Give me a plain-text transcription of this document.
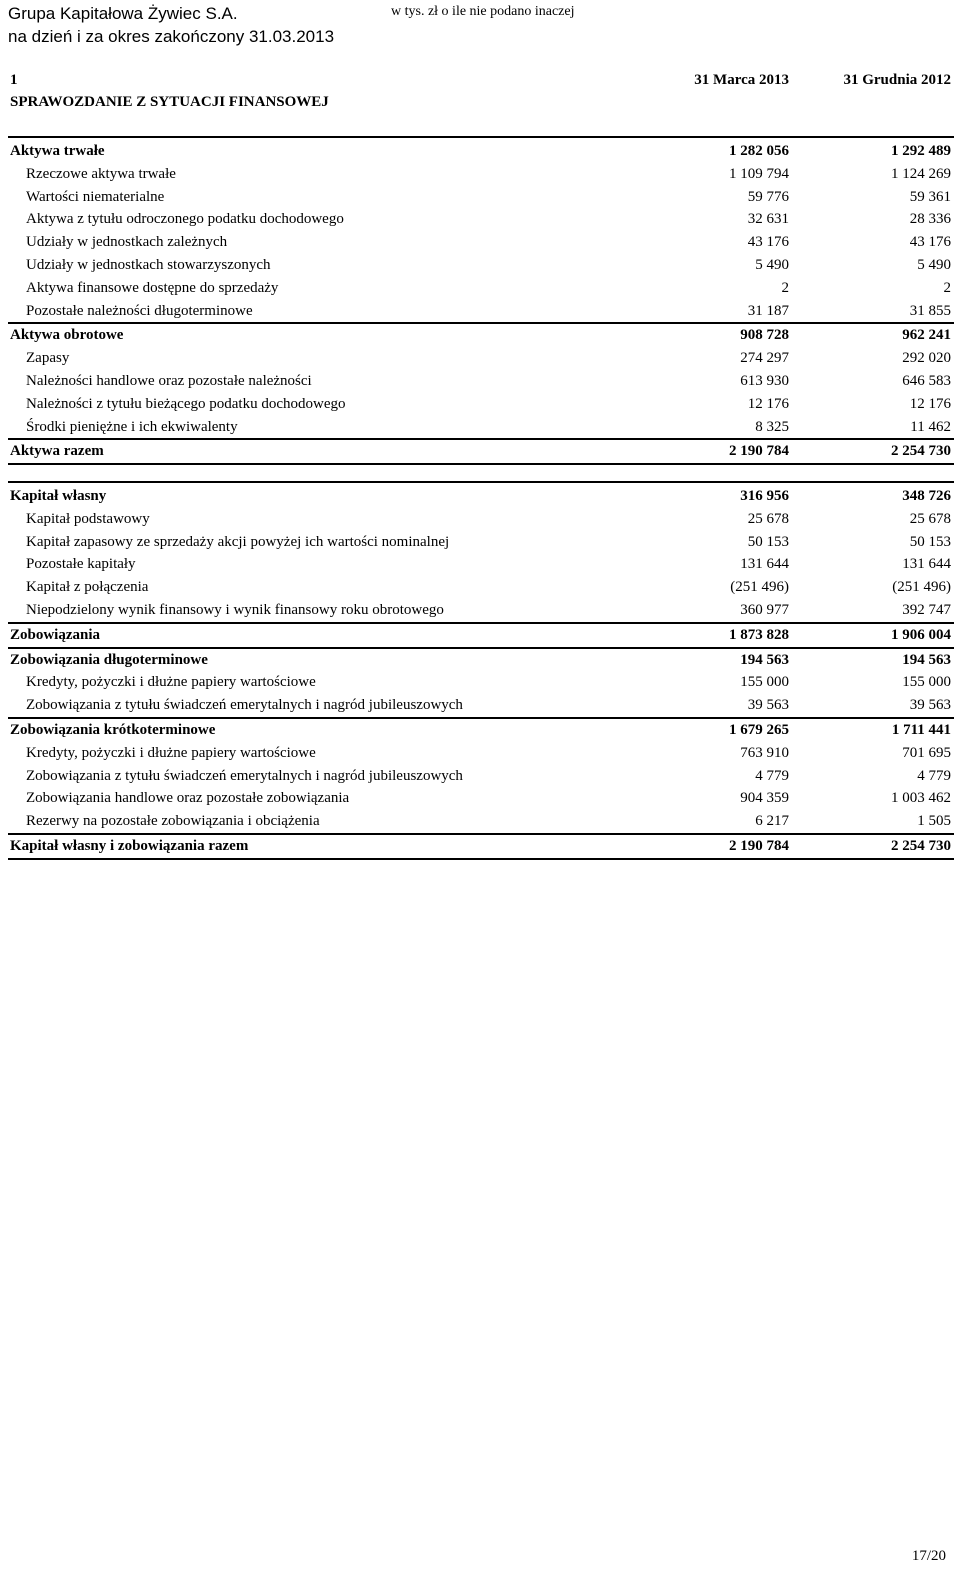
Grupa Kapitałowa Żywiec S.A.
na dzień i za okres zakończony 31.03.2013
w tys. zł o ile nie podano inaczej
1
SPRAWOZDANIE Z SYTUACJI FINANSOWEJ
31 Marca 2013	31 Grudnia 2012
Aktywa trwałe	1 282 056	1 292 489
Rzeczowe aktywa trwałe	1 109 794	1 124 269
Wartości niematerialne	59 776	59 361
Aktywa z tytułu odroczonego podatku dochodowego	32 631	28 336
Udziały w jednostkach zależnych	43 176	43 176
Udziały w jednostkach stowarzyszonych	5 490	5 490
Aktywa finansowe dostępne do sprzedaży	2	2
Pozostałe należności długoterminowe	31 187	31 855
Aktywa obrotowe	908 728	962 241
Zapasy	274 297	292 020
Należności handlowe oraz pozostałe należności	613 930	646 583
Należności z tytułu bieżącego podatku dochodowego	12 176	12 176
Środki pieniężne i ich ekwiwalenty	8 325	11 462
Aktywa razem	2 190 784	2 254 730
Kapitał własny	316 956	348 726
Kapitał podstawowy	25 678	25 678
Kapitał zapasowy ze sprzedaży akcji powyżej ich wartości nominalnej	50 153	50 153
Pozostałe kapitały	131 644	131 644
Kapitał z połączenia	(251 496)	(251 496)
Niepodzielony wynik finansowy i wynik finansowy roku obrotowego	360 977	392 747
Zobowiązania	1 873 828	1 906 004
Zobowiązania długoterminowe	194 563	194 563
Kredyty, pożyczki i dłużne papiery wartościowe	155 000	155 000
Zobowiązania z tytułu świadczeń emerytalnych i nagród jubileuszowych	39 563	39 563
Zobowiązania krótkoterminowe	1 679 265	1 711 441
Kredyty, pożyczki i dłużne papiery wartościowe	763 910	701 695
Zobowiązania z tytułu świadczeń emerytalnych i nagród jubileuszowych	4 779	4 779
Zobowiązania handlowe oraz pozostałe zobowiązania	904 359	1 003 462
Rezerwy na pozostałe zobowiązania i obciążenia	6 217	1 505
Kapitał własny i zobowiązania razem	2 190 784	2 254 730
17/20
